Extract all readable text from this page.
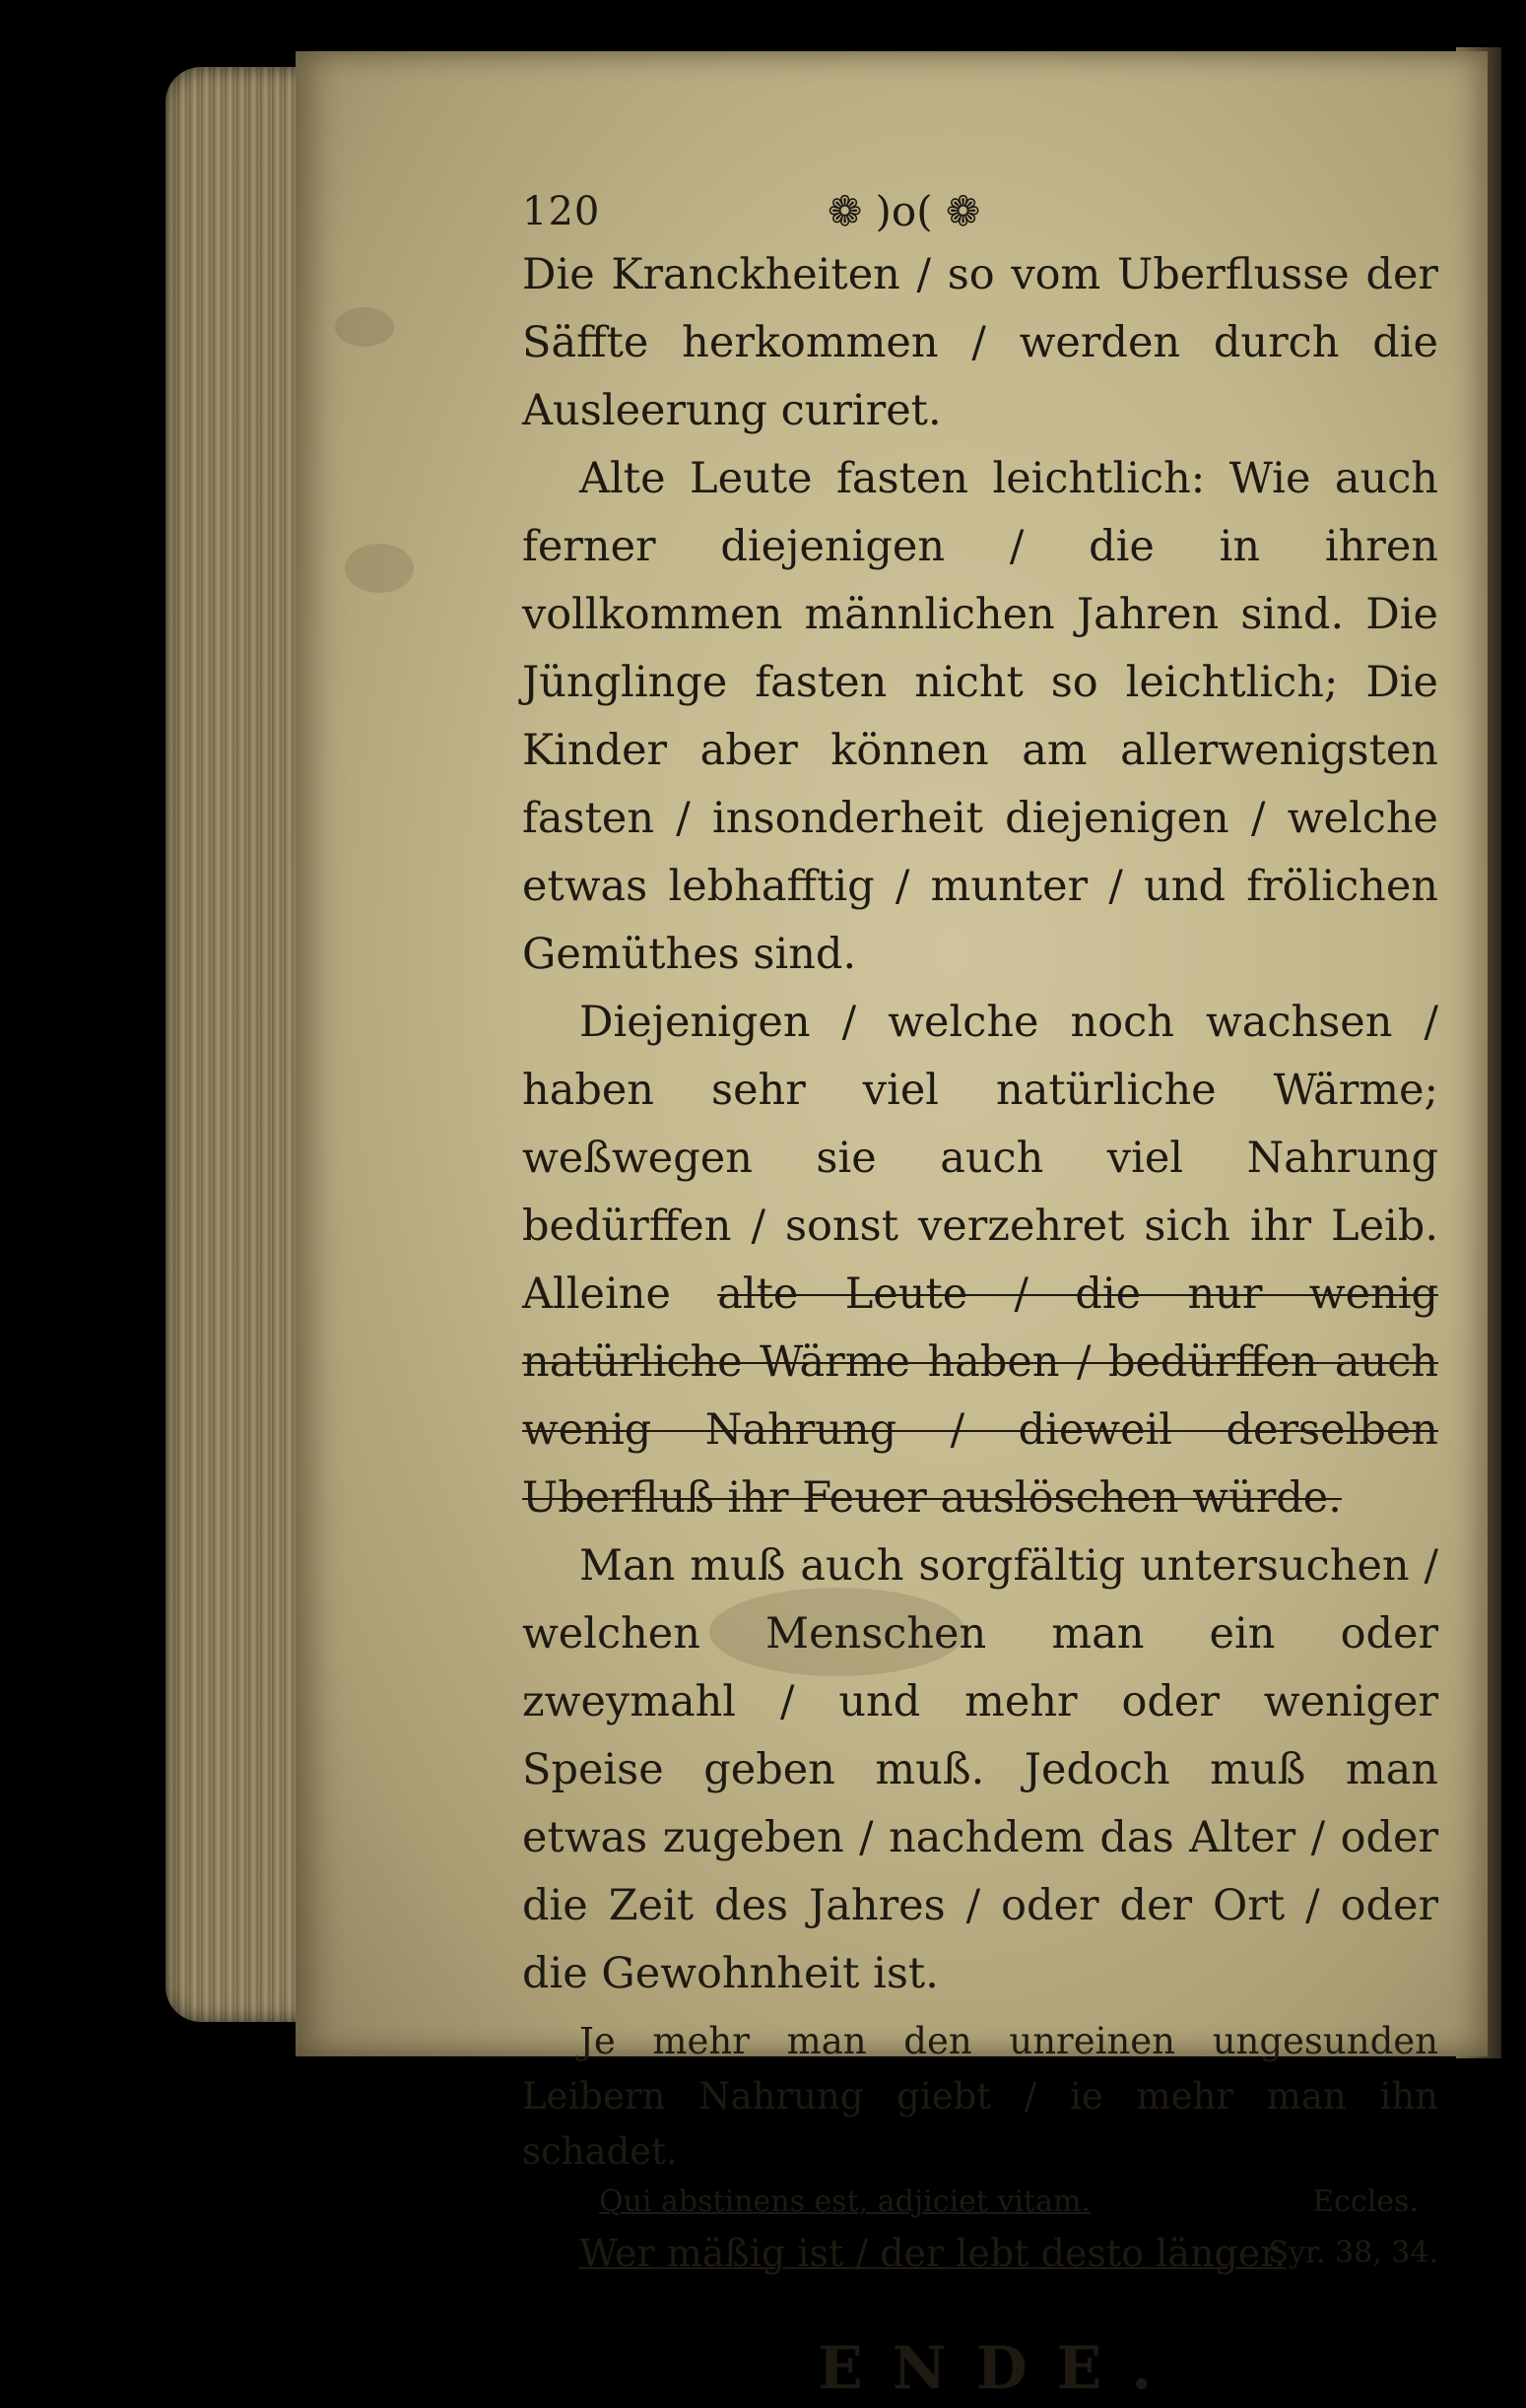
120	❁ )o( ❁

Die Kranckheiten / so vom Uberflusse der Säffte herkommen / werden durch die Ausleerung curiret.

Alte Leute fasten leichtlich: Wie auch ferner diejenigen / die in ihren vollkommen männlichen Jahren sind. Die Jünglinge fasten nicht so leichtlich; Die Kinder aber können am allerwenigsten fasten / insonderheit diejenigen / welche etwas lebhafftig / munter / und frölichen Gemüthes sind.

Diejenigen / welche noch wachsen / haben sehr viel natürliche Wärme; weßwegen sie auch viel Nahrung bedürffen / sonst verzehret sich ihr Leib. Alleine alte Leute / die nur wenig natürliche Wärme haben / bedürffen auch wenig Nahrung / dieweil derselben Uberfluß ihr Feuer auslöschen würde.

Man muß auch sorgfältig untersuchen / welchen Menschen man ein oder zweymahl / und mehr oder weniger Speise geben muß. Jedoch muß man etwas zugeben / nachdem das Alter / oder die Zeit des Jahres / oder der Ort / oder die Gewohnheit ist.

Je mehr man den unreinen ungesunden Leibern Nahrung giebt / ie mehr man ihn schadet.

Qui abstinens est, adjiciet vitam.	Eccles.
Wer mäßig ist / der lebt desto länger.
Syr. 38, 34.
ENDE.
